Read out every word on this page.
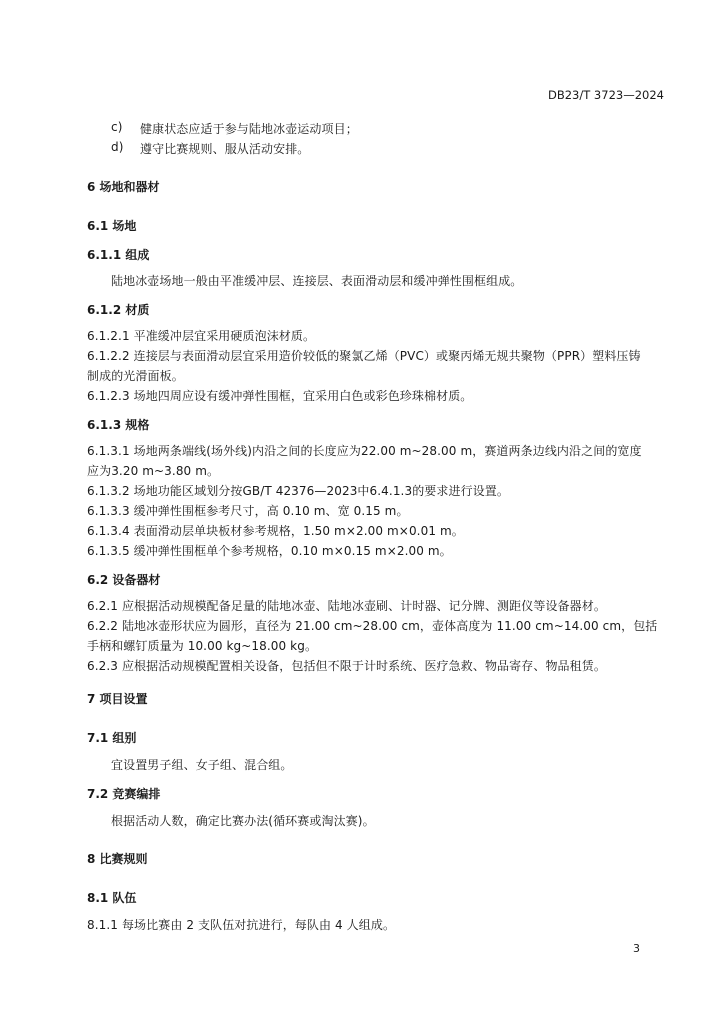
DB23/T 3723—2024
c) 健康状态应适于参与陆地冰壶运动项目；
d) 遵守比赛规则、服从活动安排。
6 场地和器材
6.1 场地
6.1.1 组成
陆地冰壶场地一般由平准缓冲层、连接层、表面滑动层和缓冲弹性围框组成。
6.1.2 材质
6.1.2.1 平准缓冲层宜采用硬质泡沫材质。
6.1.2.2 连接层与表面滑动层宜采用造价较低的聚氯乙烯（PVC）或聚丙烯无规共聚物（PPR）塑料压铸
制成的光滑面板。
6.1.2.3 场地四周应设有缓冲弹性围框，宜采用白色或彩色珍珠棉材质。
6.1.3 规格
6.1.3.1 场地两条端线(场外线)内沿之间的长度应为22.00 m~28.00 m，赛道两条边线内沿之间的宽度
应为3.20 m~3.80 m。
6.1.3.2 场地功能区域划分按GB/T 42376—2023中6.4.1.3的要求进行设置。
6.1.3.3 缓冲弹性围框参考尺寸，高 0.10 m、宽 0.15 m。
6.1.3.4 表面滑动层单块板材参考规格，1.50 m×2.00 m×0.01 m。
6.1.3.5 缓冲弹性围框单个参考规格，0.10 m×0.15 m×2.00 m。
6.2 设备器材
6.2.1 应根据活动规模配备足量的陆地冰壶、陆地冰壶刷、计时器、记分牌、测距仪等设备器材。
6.2.2 陆地冰壶形状应为圆形，直径为 21.00 cm~28.00 cm，壶体高度为 11.00 cm~14.00 cm，包括
手柄和螺钉质量为 10.00 kg~18.00 kg。
6.2.3 应根据活动规模配置相关设备，包括但不限于计时系统、医疗急救、物品寄存、物品租赁。
7 项目设置
7.1 组别
宜设置男子组、女子组、混合组。
7.2 竞赛编排
根据活动人数，确定比赛办法(循环赛或淘汰赛)。
8 比赛规则
8.1 队伍
8.1.1 每场比赛由 2 支队伍对抗进行，每队由 4 人组成。
3
